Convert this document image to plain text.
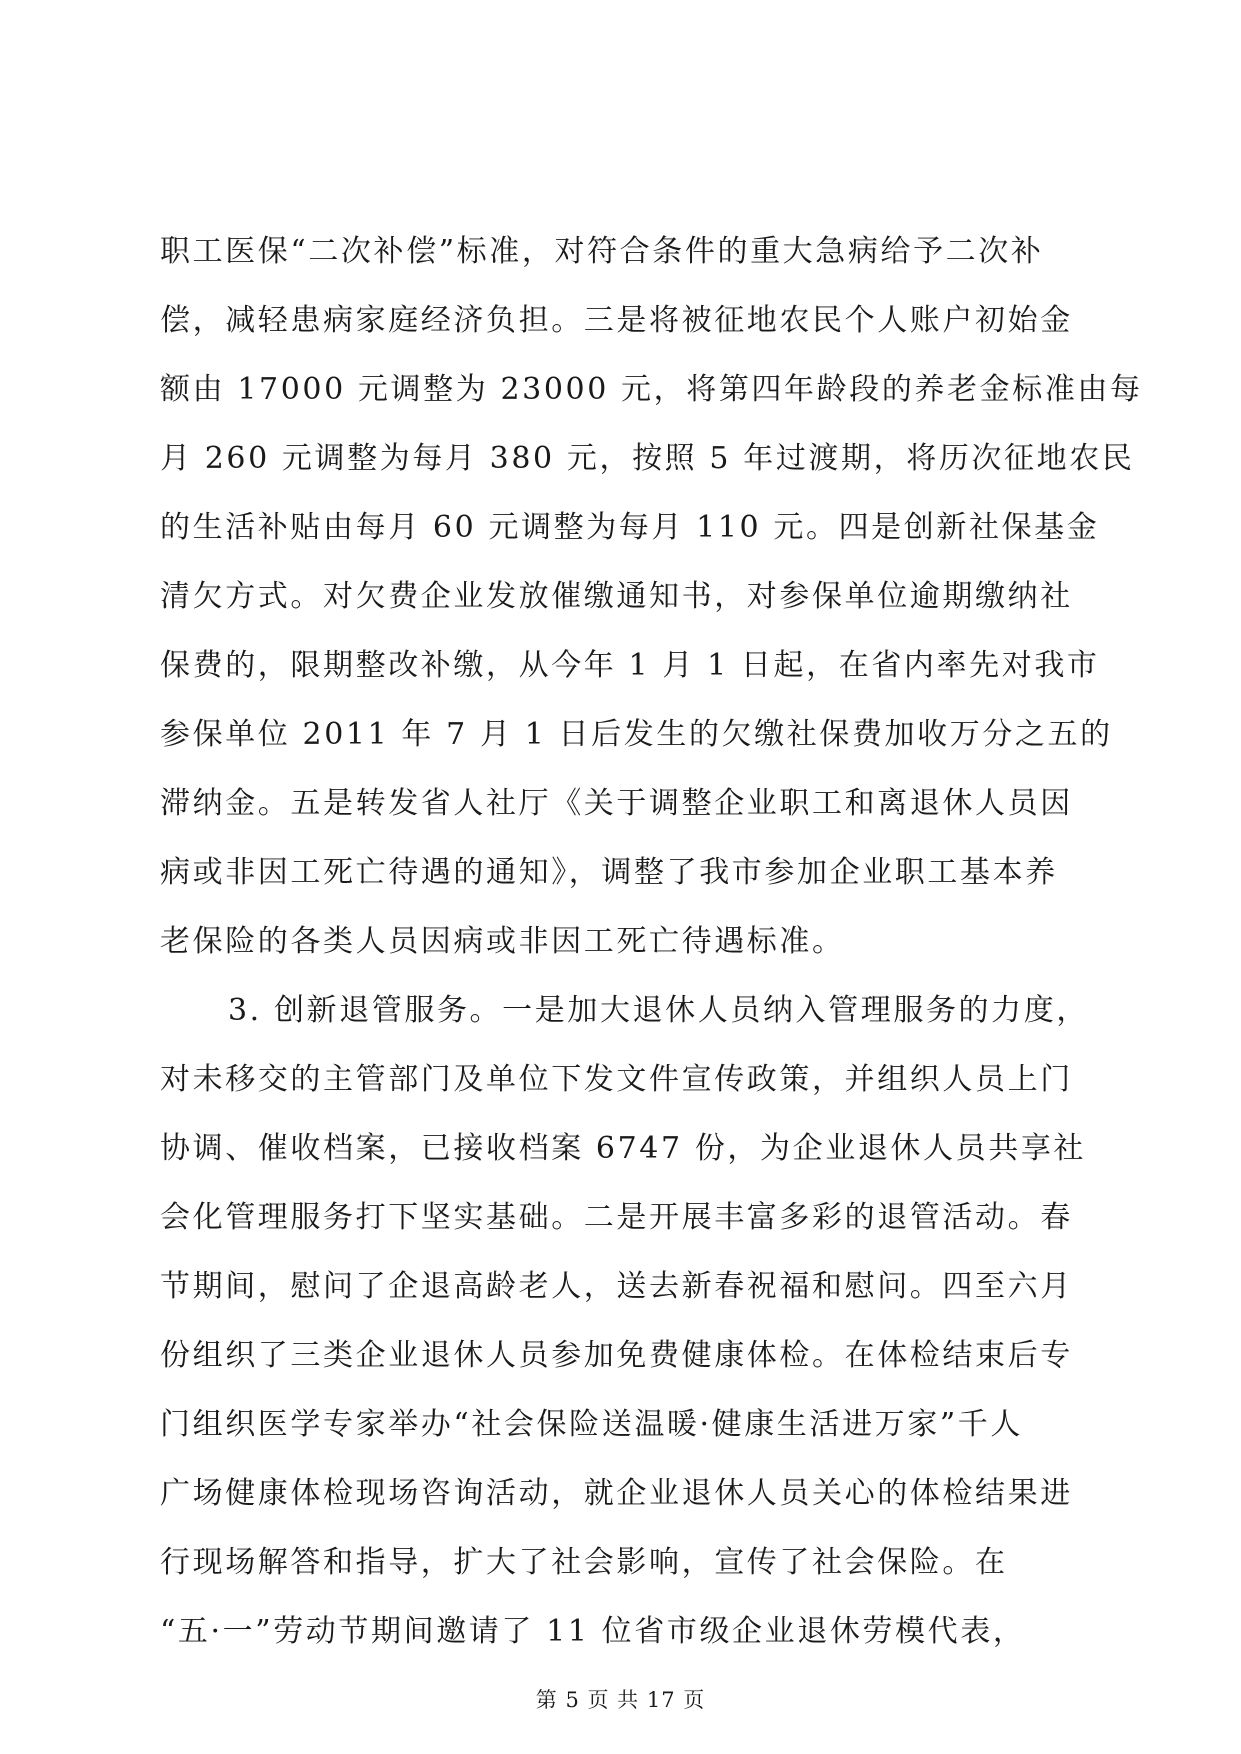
职工医保“二次补偿”标准，对符合条件的重大急病给予二次补
偿，减轻患病家庭经济负担。三是将被征地农民个人账户初始金
额由 17000 元调整为 23000 元，将第四年龄段的养老金标准由每
月 260 元调整为每月 380 元，按照 5 年过渡期，将历次征地农民
的生活补贴由每月 60 元调整为每月 110 元。四是创新社保基金
清欠方式。对欠费企业发放催缴通知书，对参保单位逾期缴纳社
保费的，限期整改补缴，从今年 1 月 1 日起，在省内率先对我市
参保单位 2011 年 7 月 1 日后发生的欠缴社保费加收万分之五的
滞纳金。五是转发省人社厅《关于调整企业职工和离退休人员因
病或非因工死亡待遇的通知》，调整了我市参加企业职工基本养
老保险的各类人员因病或非因工死亡待遇标准。
3. 创新退管服务。一是加大退休人员纳入管理服务的力度，
对未移交的主管部门及单位下发文件宣传政策，并组织人员上门
协调、催收档案，已接收档案 6747 份，为企业退休人员共享社
会化管理服务打下坚实基础。二是开展丰富多彩的退管活动。春
节期间，慰问了企退高龄老人，送去新春祝福和慰问。四至六月
份组织了三类企业退休人员参加免费健康体检。在体检结束后专
门组织医学专家举办“社会保险送温暖·健康生活进万家”千人
广场健康体检现场咨询活动，就企业退休人员关心的体检结果进
行现场解答和指导，扩大了社会影响，宣传了社会保险。在
“五·一”劳动节期间邀请了 11 位省市级企业退休劳模代表，
第 5 页 共 17 页
